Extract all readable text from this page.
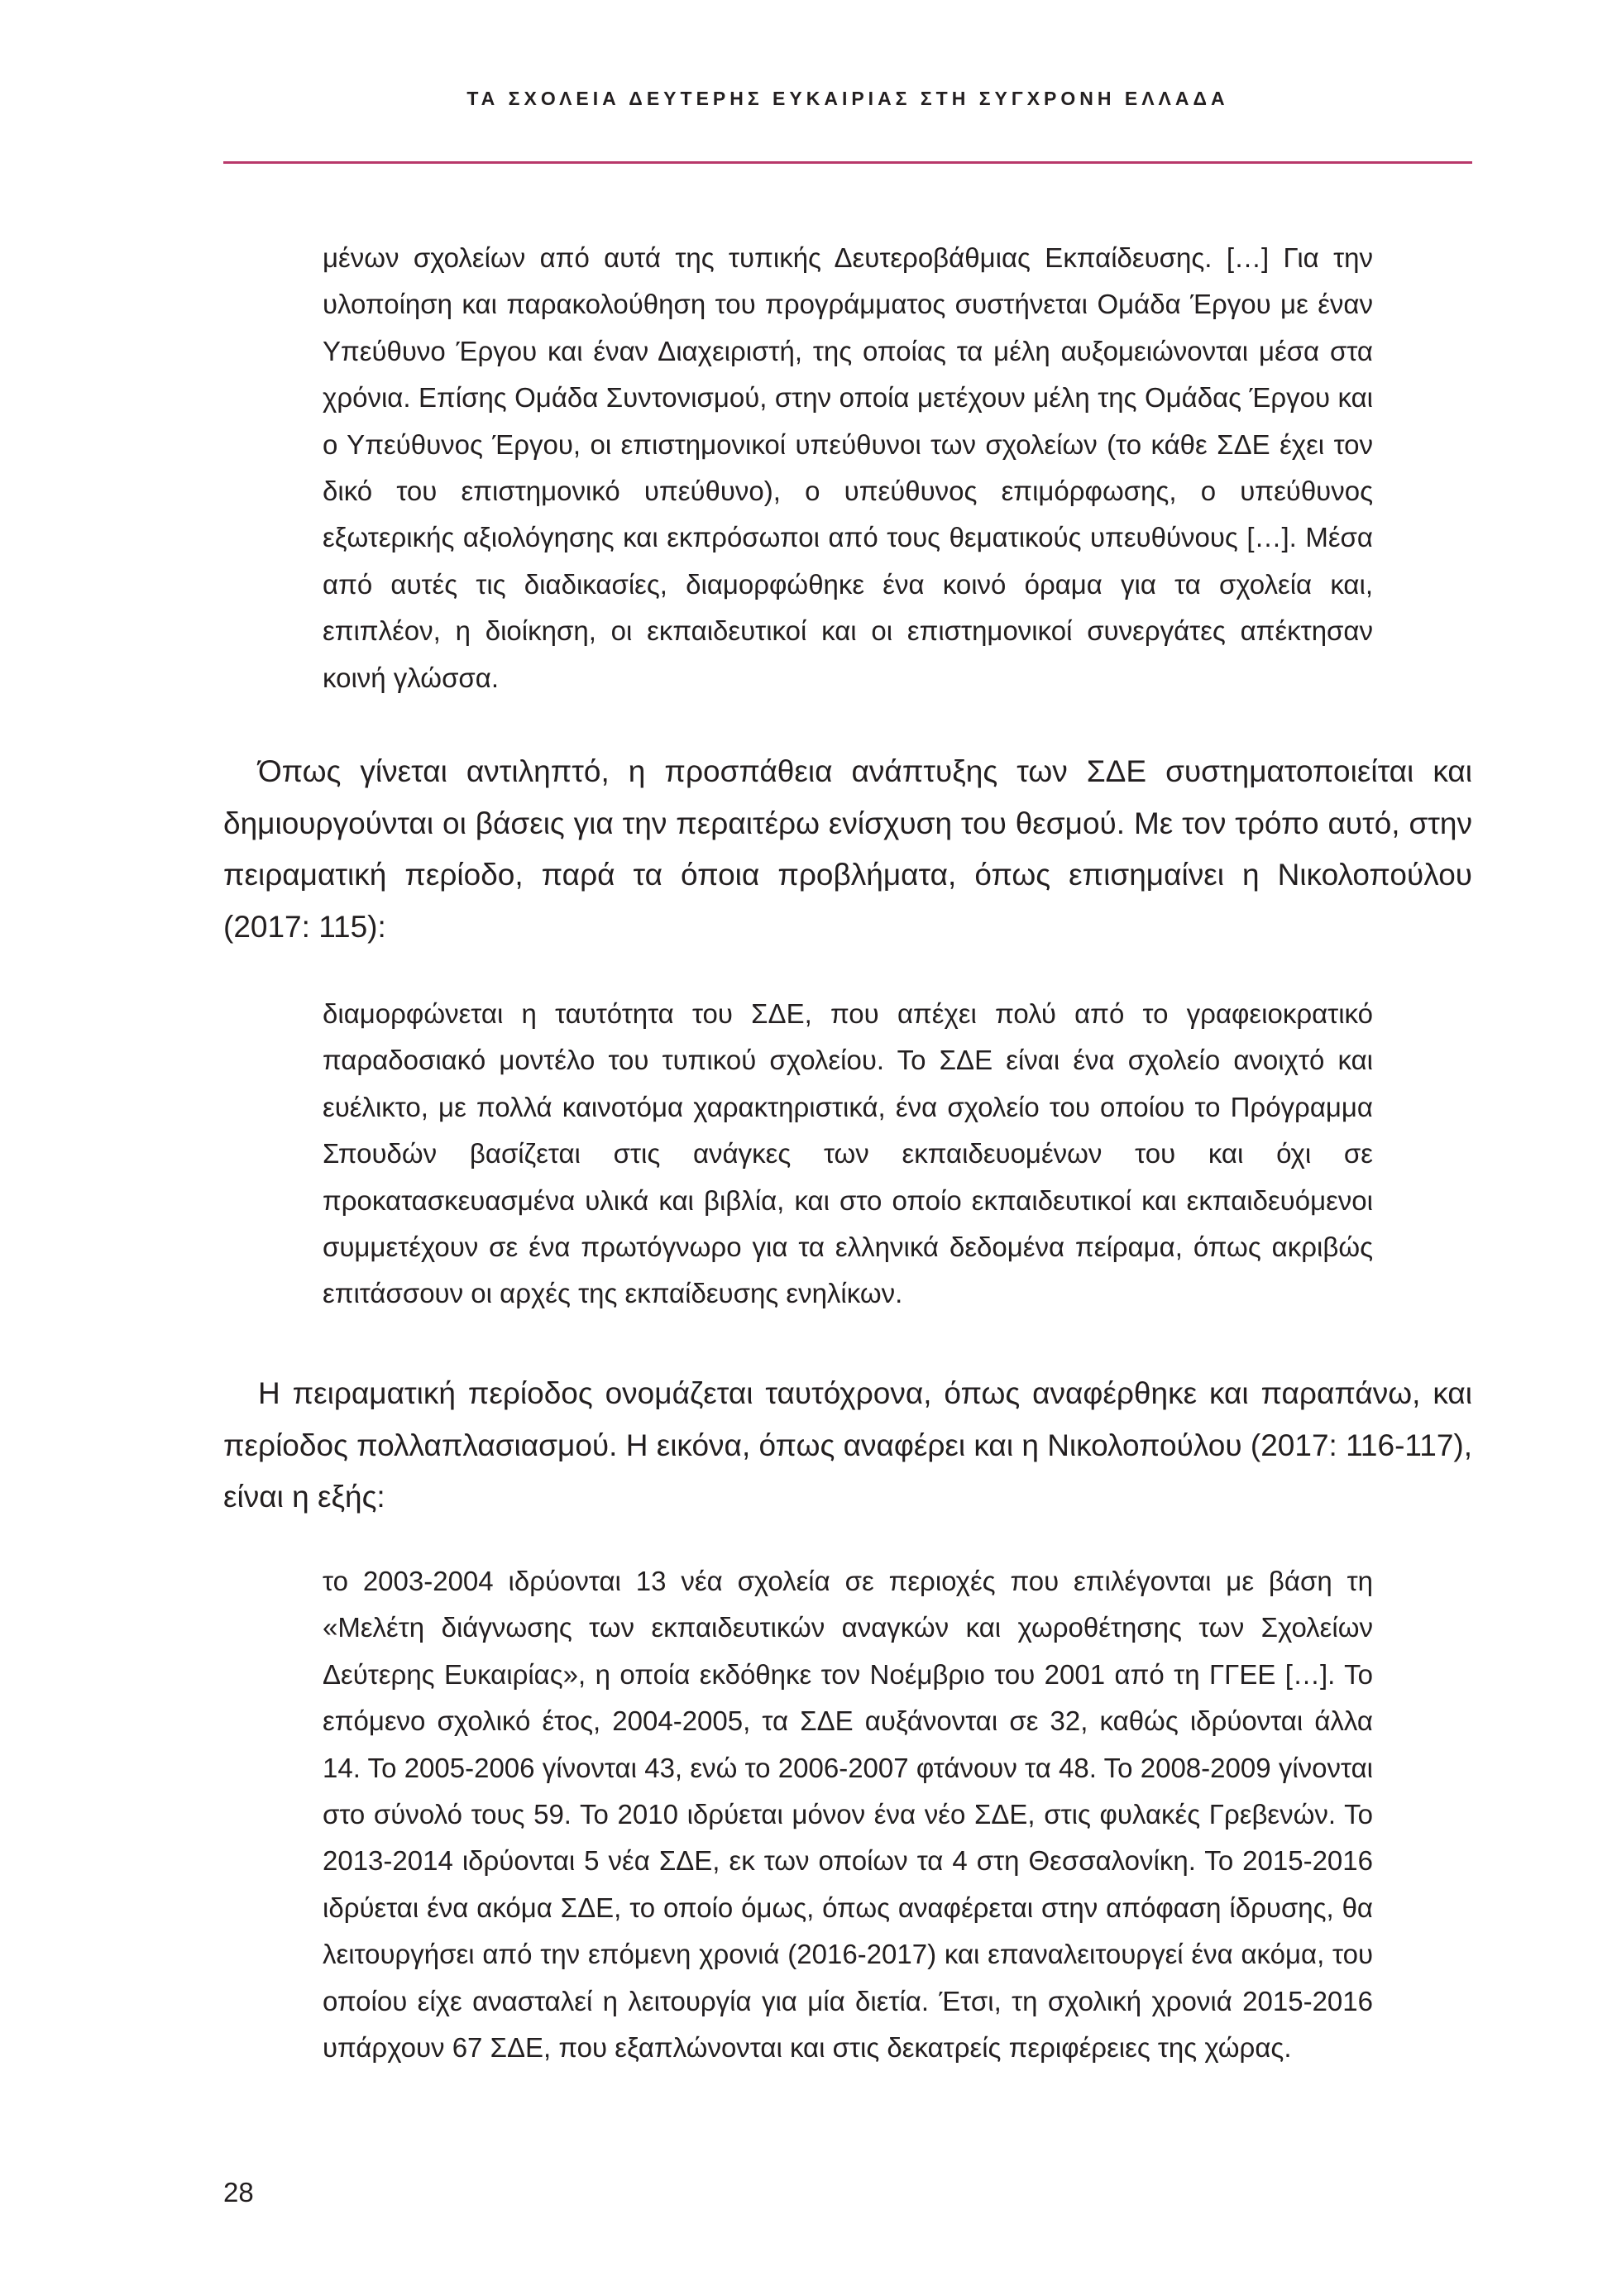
ΤΑ ΣΧΟΛΕΙΑ ΔΕΥΤΕΡΗΣ ΕΥΚΑΙΡΙΑΣ ΣΤΗ ΣΥΓΧΡΟΝΗ ΕΛΛΑΔΑ

μένων σχολείων από αυτά της τυπικής Δευτεροβάθμιας Εκπαίδευσης. […] Για την υλοποίηση και παρακολούθηση του προγράμματος συστήνεται Ομάδα Έργου με έναν Υπεύθυνο Έργου και έναν Διαχειριστή, της οποίας τα μέλη αυξομειώνονται μέσα στα χρόνια. Επίσης Ομάδα Συντονισμού, στην οποία μετέχουν μέλη της Ομάδας Έργου και ο Υπεύθυνος Έργου, οι επιστημονικοί υπεύθυνοι των σχολείων (το κάθε ΣΔΕ έχει τον δικό του επιστημονικό υπεύθυνο), ο υπεύθυνος επιμόρφωσης, ο υπεύθυνος εξωτερικής αξιολόγησης και εκπρόσωποι από τους θεματικούς υπευθύνους […]. Μέσα από αυτές τις διαδικασίες, διαμορφώθηκε ένα κοινό όραμα για τα σχολεία και, επιπλέον, η διοίκηση, οι εκπαιδευτικοί και οι επιστημονικοί συνεργάτες απέκτησαν κοινή γλώσσα.

Όπως γίνεται αντιληπτό, η προσπάθεια ανάπτυξης των ΣΔΕ συστηματοποιείται και δημιουργούνται οι βάσεις για την περαιτέρω ενίσχυση του θεσμού. Με τον τρόπο αυτό, στην πειραματική περίοδο, παρά τα όποια προβλήματα, όπως επισημαίνει η Νικολοπούλου (2017: 115):

διαμορφώνεται η ταυτότητα του ΣΔΕ, που απέχει πολύ από το γραφειοκρατικό παραδοσιακό μοντέλο του τυπικού σχολείου. Το ΣΔΕ είναι ένα σχολείο ανοιχτό και ευέλικτο, με πολλά καινοτόμα χαρακτηριστικά, ένα σχολείο του οποίου το Πρόγραμμα Σπουδών βασίζεται στις ανάγκες των εκπαιδευομένων του και όχι σε προκατασκευασμένα υλικά και βιβλία, και στο οποίο εκπαιδευτικοί και εκπαιδευόμενοι συμμετέχουν σε ένα πρωτόγνωρο για τα ελληνικά δεδομένα πείραμα, όπως ακριβώς επιτάσσουν οι αρχές της εκπαίδευσης ενηλίκων.

Η πειραματική περίοδος ονομάζεται ταυτόχρονα, όπως αναφέρθηκε και παραπάνω, και περίοδος πολλαπλασιασμού. Η εικόνα, όπως αναφέρει και η Νικολοπούλου (2017: 116-117), είναι η εξής:

το 2003-2004 ιδρύονται 13 νέα σχολεία σε περιοχές που επιλέγονται με βάση τη «Μελέτη διάγνωσης των εκπαιδευτικών αναγκών και χωροθέτησης των Σχολείων Δεύτερης Ευκαιρίας», η οποία εκδόθηκε τον Νοέμβριο του 2001 από τη ΓΓΕΕ […]. Το επόμενο σχολικό έτος, 2004-2005, τα ΣΔΕ αυξάνονται σε 32, καθώς ιδρύονται άλλα 14. Το 2005-2006 γίνονται 43, ενώ το 2006-2007 φτάνουν τα 48. Το 2008-2009 γίνονται στο σύνολό τους 59. Το 2010 ιδρύεται μόνον ένα νέο ΣΔΕ, στις φυλακές Γρεβενών. Το 2013-2014 ιδρύονται 5 νέα ΣΔΕ, εκ των οποίων τα 4 στη Θεσσαλονίκη. Το 2015-2016 ιδρύεται ένα ακόμα ΣΔΕ, το οποίο όμως, όπως αναφέρεται στην απόφαση ίδρυσης, θα λειτουργήσει από την επόμενη χρονιά (2016-2017) και επαναλειτουργεί ένα ακόμα, του οποίου είχε ανασταλεί η λειτουργία για μία διετία. Έτσι, τη σχολική χρονιά 2015-2016 υπάρχουν 67 ΣΔΕ, που εξαπλώνονται και στις δεκατρείς περιφέρειες της χώρας.

28
